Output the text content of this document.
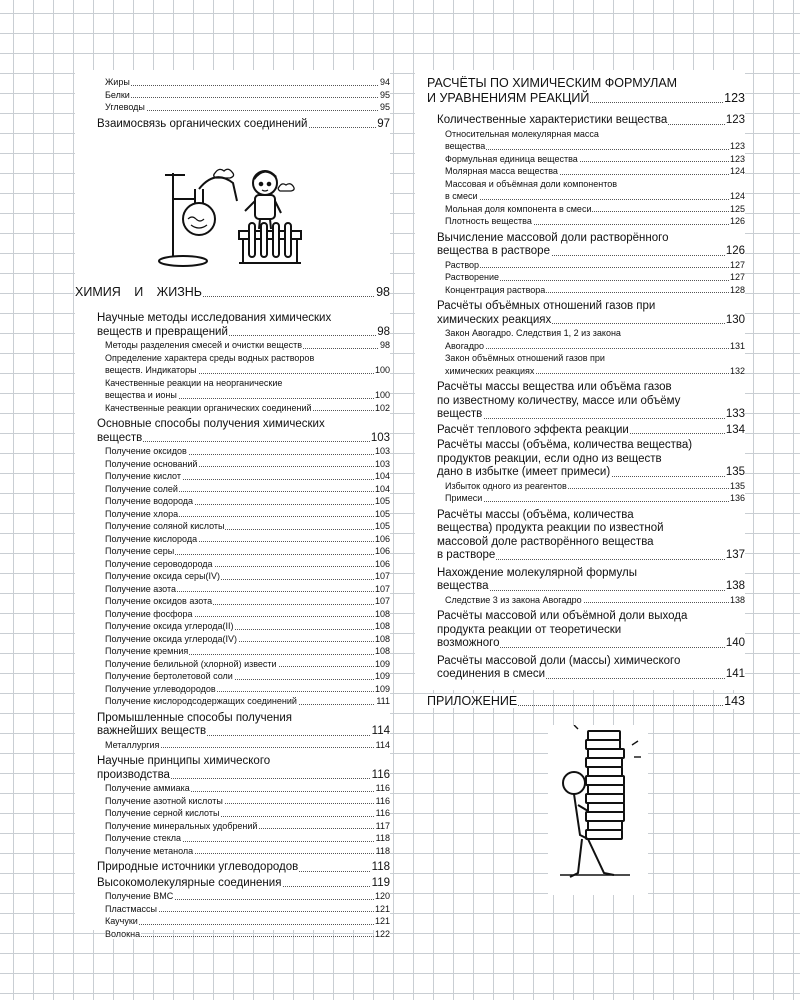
Жиры	94
Белки	95
Углеводы	95
Взаимосвязь органических соединений	97
ХИМИЯ И ЖИЗНЬ	98
Научные методы исследования химических
веществ и превращений	98
Методы разделения смесей и очистки веществ	98
Определение характера среды водных растворов
веществ. Индикаторы	100
Качественные реакции на неорганические
вещества и ионы	100
Качественные реакции органических соединений	102
Основные способы получения химических
веществ	103
Получение оксидов	103
Получение оснований	103
Получение кислот	104
Получение солей	104
Получение водорода	105
Получение хлора	105
Получение соляной кислоты	105
Получение кислорода	106
Получение серы	106
Получение сероводорода	106
Получение оксида серы(IV)	107
Получение азота	107
Получение оксидов азота	107
Получение фосфора	108
Получение оксида углерода(II)	108
Получение оксида углерода(IV)	108
Получение кремния	108
Получение белильной (хлорной) извести	109
Получение бертолетовой соли	109
Получение углеводородов	109
Получение кислородсодержащих соединений	111
Промышленные способы получения
важнейших веществ	114
Металлургия	114
Научные принципы химического
производства	116
Получение аммиака	116
Получение азотной кислоты	116
Получение серной кислоты	116
Получение минеральных удобрений	117
Получение стекла	118
Получение метанола	118
Природные источники углеводородов	118
Высокомолекулярные соединения	119
Получение ВМС	120
Пластмассы	121
Каучуки	121
Волокна	122
РАСЧЁТЫ ПО ХИМИЧЕСКИМ ФОРМУЛАМ
И УРАВНЕНИЯМ РЕАКЦИЙ	123
Количественные характеристики вещества	123
Относительная молекулярная масса
вещества	123
Формульная единица вещества	123
Молярная масса вещества	124
Массовая и объёмная доли компонентов
в смеси	124
Мольная доля компонента в смеси	125
Плотность вещества	126
Вычисление массовой доли растворённого
вещества в растворе	126
Раствор	127
Растворение	127
Концентрация раствора	128
Расчёты объёмных отношений газов при
химических реакциях	130
Закон Авогадро. Следствия 1, 2 из закона
Авогадро	131
Закон объёмных отношений газов при
химических реакциях	132
Расчёты массы вещества или объёма газов
по известному количеству, массе или объёму
веществ	133
Расчёт теплового эффекта реакции	134
Расчёты массы (объёма, количества вещества)
продуктов реакции, если одно из веществ
дано в избытке (имеет примеси)	135
Избыток одного из реагентов	135
Примеси	136
Расчёты массы (объёма, количества
вещества) продукта реакции по известной
массовой доле растворённого вещества
в растворе	137
Нахождение молекулярной формулы
вещества	138
Следствие 3 из закона Авогадро	138
Расчёты массовой или объёмной доли выхода
продукта реакции от теоретически
возможного	140
Расчёты массовой доли (массы) химического
соединения в смеси	141
ПРИЛОЖЕНИЕ	143
